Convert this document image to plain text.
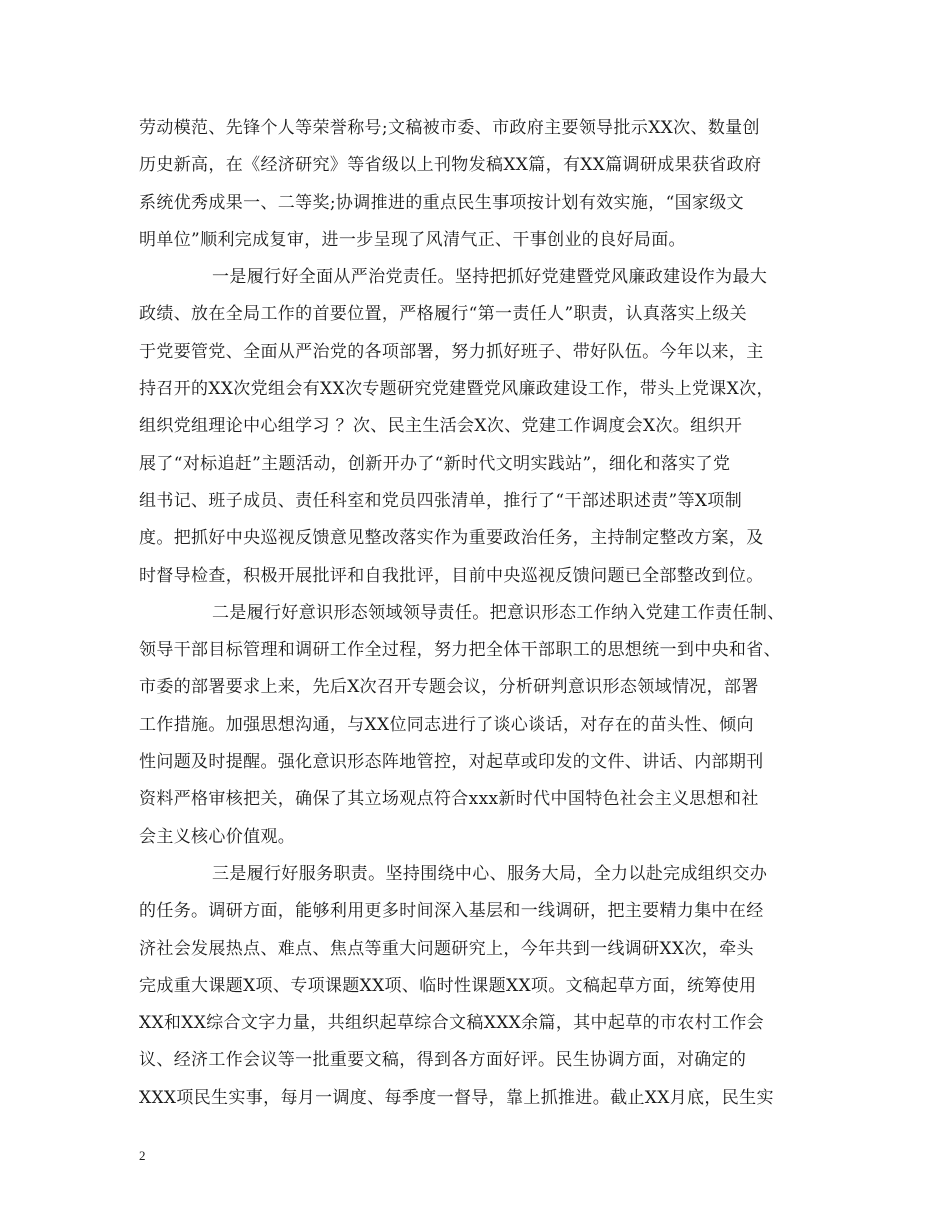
劳动模范、先锋个人等荣誉称号;文稿被市委、市政府主要领导批示XX次、数量创
历史新高，在《经济研究》等省级以上刊物发稿XX篇，有XX篇调研成果获省政府
系统优秀成果一、二等奖;协调推进的重点民生事项按计划有效实施，“国家级文
明单位”顺利完成复审，进一步呈现了风清气正、干事创业的良好局面。
一是履行好全面从严治党责任。坚持把抓好党建暨党风廉政建设作为最大
政绩、放在全局工作的首要位置，严格履行“第一责任人”职责，认真落实上级关
于党要管党、全面从严治党的各项部署，努力抓好班子、带好队伍。今年以来，主
持召开的XX次党组会有XX次专题研究党建暨党风廉政建设工作，带头上党课X次，
组织党组理论中心组学习 ？次、民主生活会X次、党建工作调度会X次。组织开
展了“对标追赶”主题活动，创新开办了“新时代文明实践站”，细化和落实了党
组书记、班子成员、责任科室和党员四张清单，推行了“干部述职述责”等X项制
度。把抓好中央巡视反馈意见整改落实作为重要政治任务，主持制定整改方案，及
时督导检查，积极开展批评和自我批评，目前中央巡视反馈问题已全部整改到位。
二是履行好意识形态领域领导责任。把意识形态工作纳入党建工作责任制、
领导干部目标管理和调研工作全过程，努力把全体干部职工的思想统一到中央和省、
市委的部署要求上来，先后X次召开专题会议，分析研判意识形态领域情况，部署
工作措施。加强思想沟通，与XX位同志进行了谈心谈话，对存在的苗头性、倾向
性问题及时提醒。强化意识形态阵地管控，对起草或印发的文件、讲话、内部期刊
资料严格审核把关，确保了其立场观点符合xxx新时代中国特色社会主义思想和社
会主义核心价值观。
三是履行好服务职责。坚持围绕中心、服务大局，全力以赴完成组织交办
的任务。调研方面，能够利用更多时间深入基层和一线调研，把主要精力集中在经
济社会发展热点、难点、焦点等重大问题研究上，今年共到一线调研XX次，牵头
完成重大课题X项、专项课题XX项、临时性课题XX项。文稿起草方面，统筹使用
XX和XX综合文字力量，共组织起草综合文稿XXX余篇，其中起草的市农村工作会
议、经济工作会议等一批重要文稿，得到各方面好评。民生协调方面，对确定的
XXX项民生实事，每月一调度、每季度一督导，靠上抓推进。截止XX月底，民生实
2
